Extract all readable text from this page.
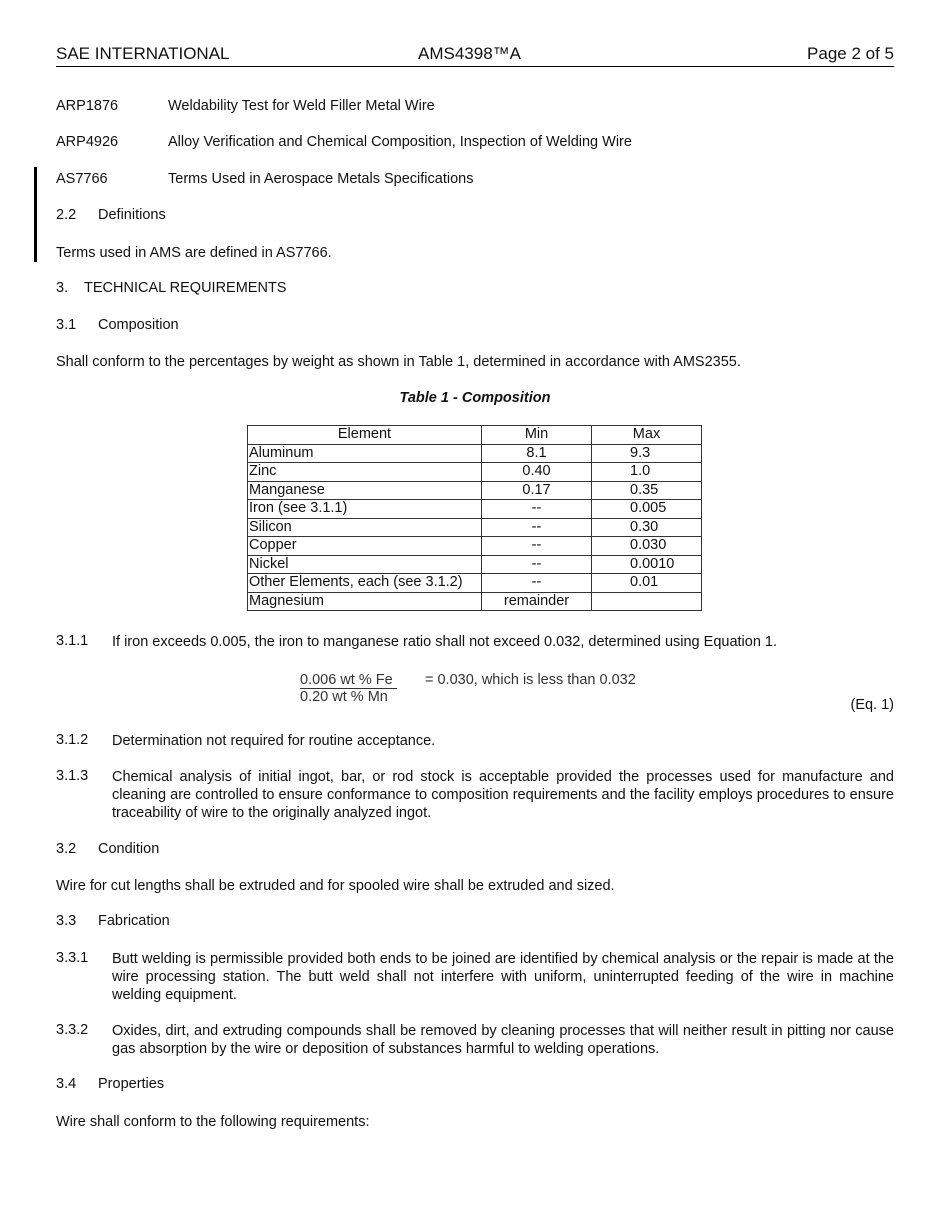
SAE INTERNATIONAL	AMS4398™A	Page 2 of 5
ARP1876	Weldability Test for Weld Filler Metal Wire
ARP4926	Alloy Verification and Chemical Composition, Inspection of Welding Wire
AS7766	Terms Used in Aerospace Metals Specifications
2.2 Definitions
Terms used in AMS are defined in AS7766.
3. TECHNICAL REQUIREMENTS
3.1 Composition
Shall conform to the percentages by weight as shown in Table 1, determined in accordance with AMS2355.
Table 1 - Composition
Element	Min	Max
Aluminum	8.1	9.3
Zinc	0.40	1.0
Manganese	0.17	0.35
Iron (see 3.1.1)	--	0.005
Silicon	--	0.30
Copper	--	0.030
Nickel	--	0.0010
Other Elements, each (see 3.1.2)	--	0.01
Magnesium	remainder	
3.1.1 If iron exceeds 0.005, the iron to manganese ratio shall not exceed 0.032, determined using Equation 1.
$\frac{0.006 wt \% Fe}{0.20 wt \% Mn} = 0.030$, which is less than 0.032
(Eq. 1)
3.1.2 Determination not required for routine acceptance.
3.1.3 Chemical analysis of initial ingot, bar, or rod stock is acceptable provided the processes used for manufacture and cleaning are controlled to ensure conformance to composition requirements and the facility employs procedures to ensure traceability of wire to the originally analyzed ingot.
3.2 Condition
Wire for cut lengths shall be extruded and for spooled wire shall be extruded and sized.
3.3 Fabrication
3.3.1 Butt welding is permissible provided both ends to be joined are identified by chemical analysis or the repair is made at the wire processing station. The butt weld shall not interfere with uniform, uninterrupted feeding of the wire in machine welding equipment.
3.3.2 Oxides, dirt, and extruding compounds shall be removed by cleaning processes that will neither result in pitting nor cause gas absorption by the wire or deposition of substances harmful to welding operations.
3.4 Properties
Wire shall conform to the following requirements:
